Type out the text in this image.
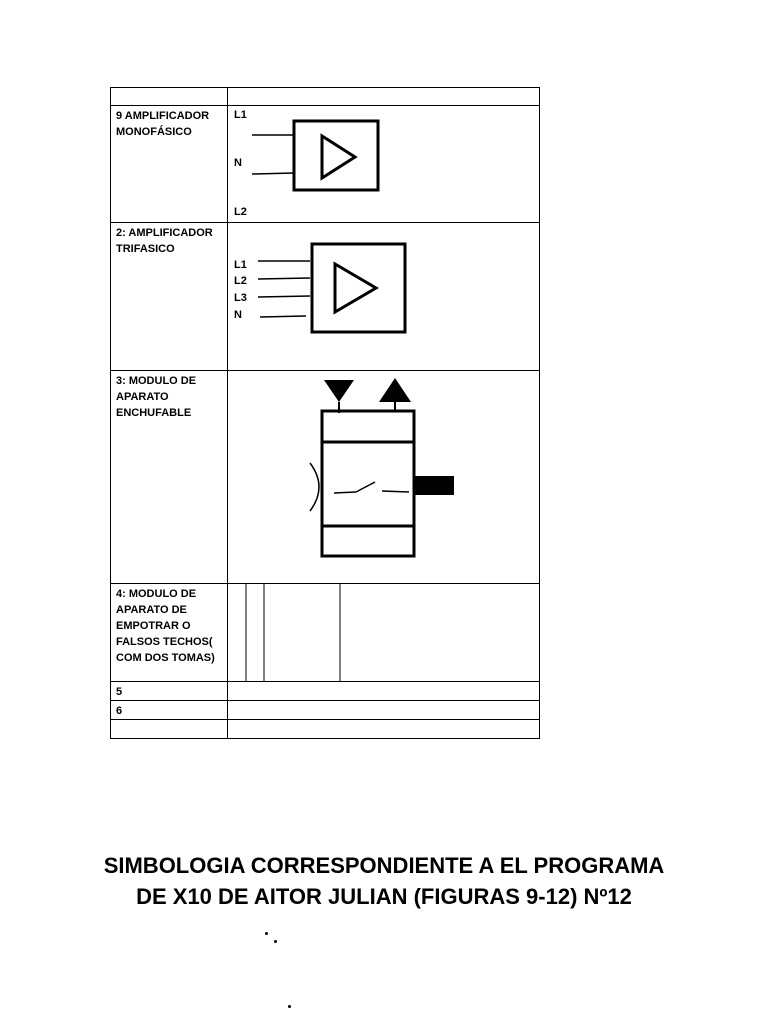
9 AMPLIFICADOR MONOFÁSICO	L1
N
L2

2: AMPLIFICADOR TRIFASICO	L1
L2
L3
N

3: MODULO DE APARATO ENCHUFABLE

4: MODULO DE APARATO DE EMPOTRAR O FALSOS TECHOS( COM DOS TOMAS)

5	

6	

SIMBOLOGIA CORRESPONDIENTE A EL PROGRAMA
DE X10 DE AITOR JULIAN (FIGURAS 9-12) Nº12
